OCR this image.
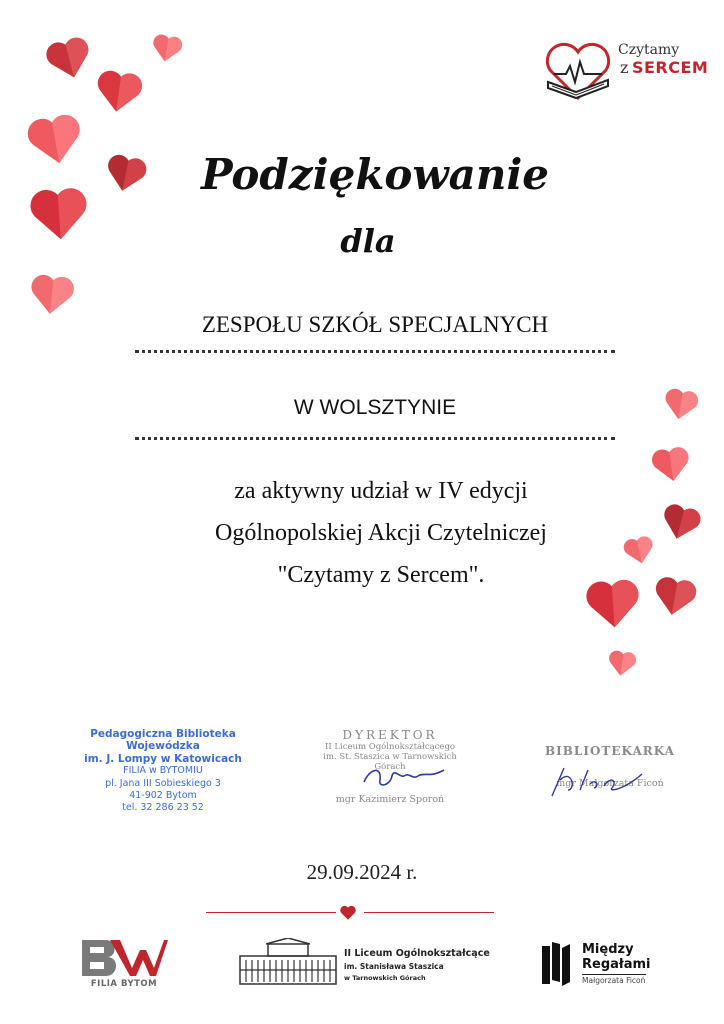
Czytamy
z SERCEM
Podziękowanie
dla
ZESPOŁU SZKÓŁ SPECJALNYCH
W WOLSZTYNIE
za aktywny udział w IV edycji
Ogólnopolskiej Akcji Czytelniczej
"Czytamy z Sercem".
Pedagogiczna Biblioteka Wojewódzka
im. J. Lompy w Katowicach
FILIA w BYTOMIU
pl. Jana III Sobieskiego 3
41-902 Bytom
tel. 32 286 23 52
DYREKTOR
II Liceum Ogólnokształcącego
im. St. Staszica w Tarnowskich Górach
mgr Kazimierz Sporoń
BIBLIOTEKARKA
mgr Małgorzata Ficoń
29.09.2024 r.
FILIA BYTOM
II Liceum Ogólnokształcące
im. Stanisława Staszica
w Tarnowskich Górach
Między
Regałami
Małgorzata Ficoń
